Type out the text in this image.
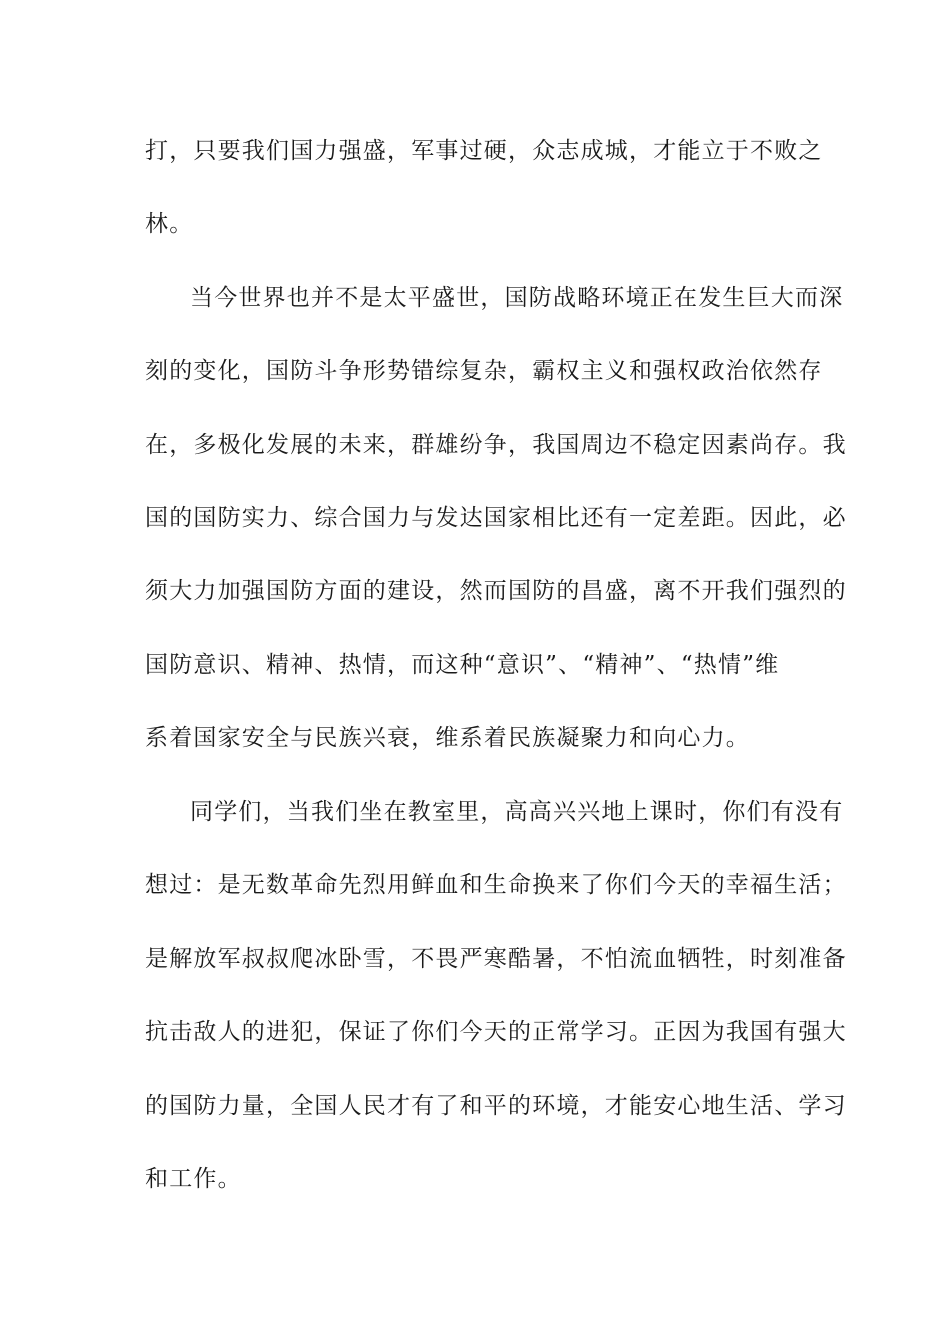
打，只要我们国力强盛，军事过硬，众志成城，才能立于不败之
林。
当今世界也并不是太平盛世，国防战略环境正在发生巨大而深
刻的变化，国防斗争形势错综复杂，霸权主义和强权政治依然存
在，多极化发展的未来，群雄纷争，我国周边不稳定因素尚存。我
国的国防实力、综合国力与发达国家相比还有一定差距。因此，必
须大力加强国防方面的建设，然而国防的昌盛，离不开我们强烈的
国防意识、精神、热情，而这种“意识”、“精神”、“热情”维
系着国家安全与民族兴衰，维系着民族凝聚力和向心力。
同学们，当我们坐在教室里，高高兴兴地上课时，你们有没有
想过：是无数革命先烈用鲜血和生命换来了你们今天的幸福生活；
是解放军叔叔爬冰卧雪，不畏严寒酷暑，不怕流血牺牲，时刻准备
抗击敌人的进犯，保证了你们今天的正常学习。正因为我国有强大
的国防力量，全国人民才有了和平的环境，才能安心地生活、学习
和工作。
